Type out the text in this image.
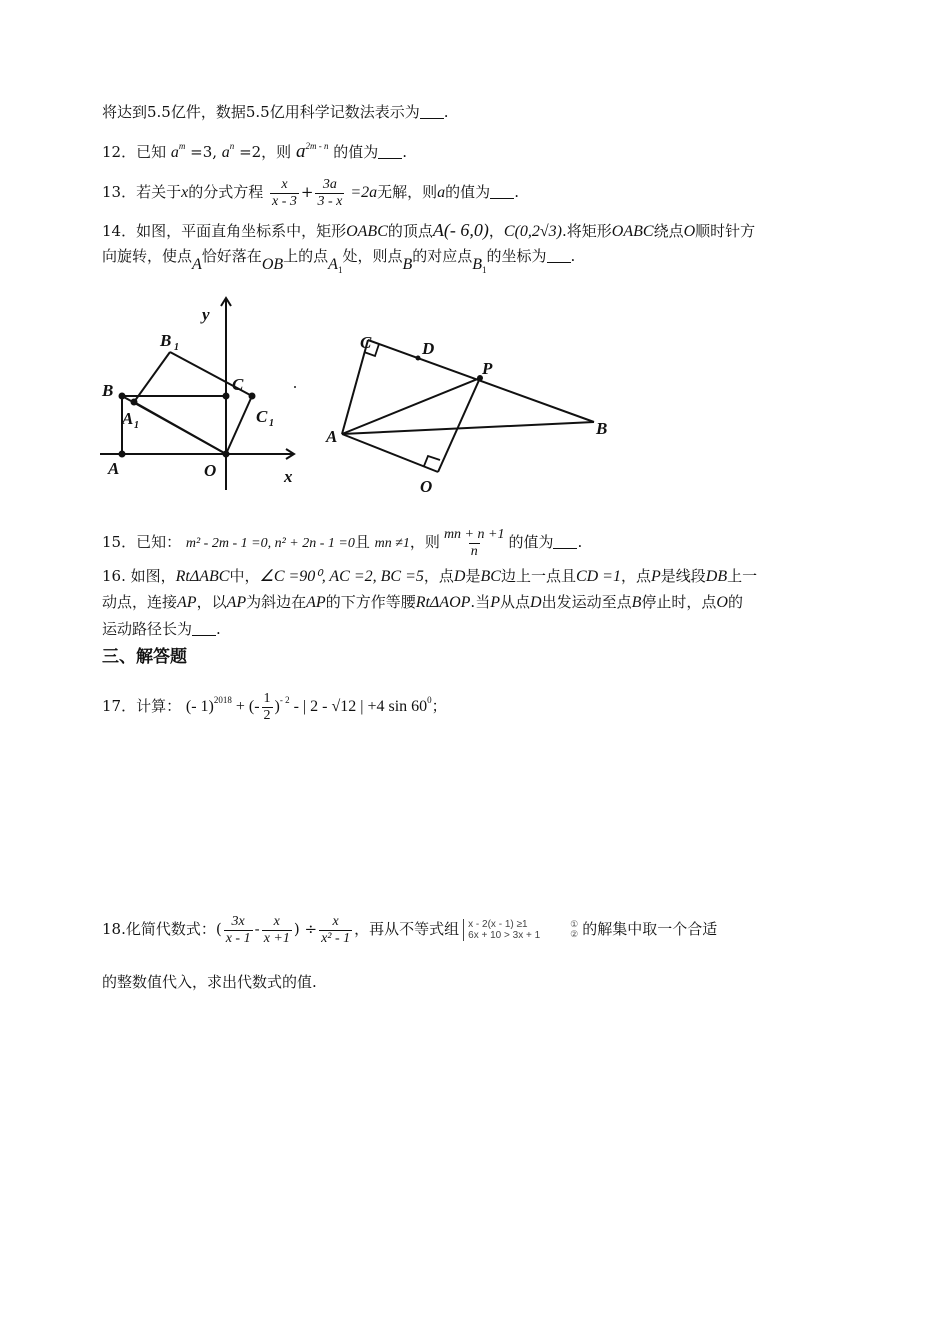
将达到5.5亿件，数据5.5亿用科学记数法表示为 .
12．已知 $a^m =3$, $a^n =2$，则 $a^{2m - n}$ 的值为 .
13．若关于x的分式方程 $\frac{x}{x - 3} + \frac{3a}{3 - x} =2a$无解，则a的值为 .
14．如图，平面直角坐标系中，矩形OABC的顶点A(- 6,0)，C(0,2√3).将矩形OABC绕点O顺时针方
向旋转，使点A恰好落在OB上的点$A_1$处，则点B的对应点$B_1$的坐标为 .
y
x
B
B 1
C
C 1
A 1
A	O
C	D
P
A	B
O
15．已知： m² - 2m - 1 =0, n² + 2n - 1 =0且 mn ≠1，则 $\frac{mn + n +1}{n}$ 的值为 .
16. 如图，RtΔABC中，∠C =90⁰, AC =2, BC =5，点D是BC边上一点且CD =1，点P是线段DB上一
动点，连接AP，以AP为斜边在AP的下方作等腰RtΔAOP.当P从点D出发运动至点B停止时，点O的
运动路径长为 .
三、解答题
17．计算： (- 1)$^{2018}$ + (- $\frac{1}{2} )^{- 2}$ - | 2 - √12 | +4 $\sin 60^0$；
18.化简代数式：( $\frac{3x}{x - 1} - \frac{x}{x +1}$ ) ÷ $\frac{x}{\text{x² - 1}}$ ，再从不等式组 x - 2(x - 1) ≥1
6x + 10 > 3x + 1
①
② 的解集中取一个合适
的整数值代入，求出代数式的值.
